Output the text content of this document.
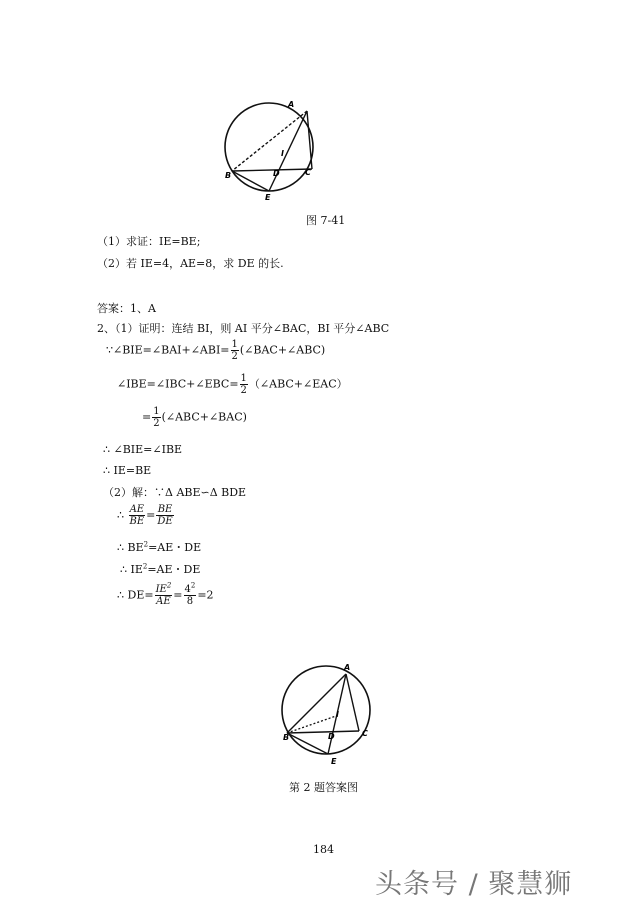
A
B	C
D
E
I
图 7-41
（1）求证：IE=BE;
（2）若 IE=4，AE=8，求 DE 的长.
答案：1、A
2、（1）证明：连结 BI，则 AI 平分∠BAC，BI 平分∠ABC
∵∠BIE=∠BAI+∠ABI= $\frac{1}{2}$ (∠BAC+∠ABC)
∠IBE=∠IBC+∠EBC= $\frac{1}{2}$ （∠ABC+∠EAC）
= $\frac{1}{2}$ (∠ABC+∠BAC)
∴ ∠BIE=∠IBE
∴ IE=BE
（2）解：∵Δ ABE∽Δ BDE
∴ $\frac{AE}{BE} = \frac{BE}{DE}$
∴ $BE^2=AE$・DE
∴ $IE^2=AE$・DE
∴ $DE= \frac{IE^2}{AE} = \frac{4^2}{8} =2$
A
B	C
D
E
I
第 2 题答案图
184
头条号 / 聚慧狮
